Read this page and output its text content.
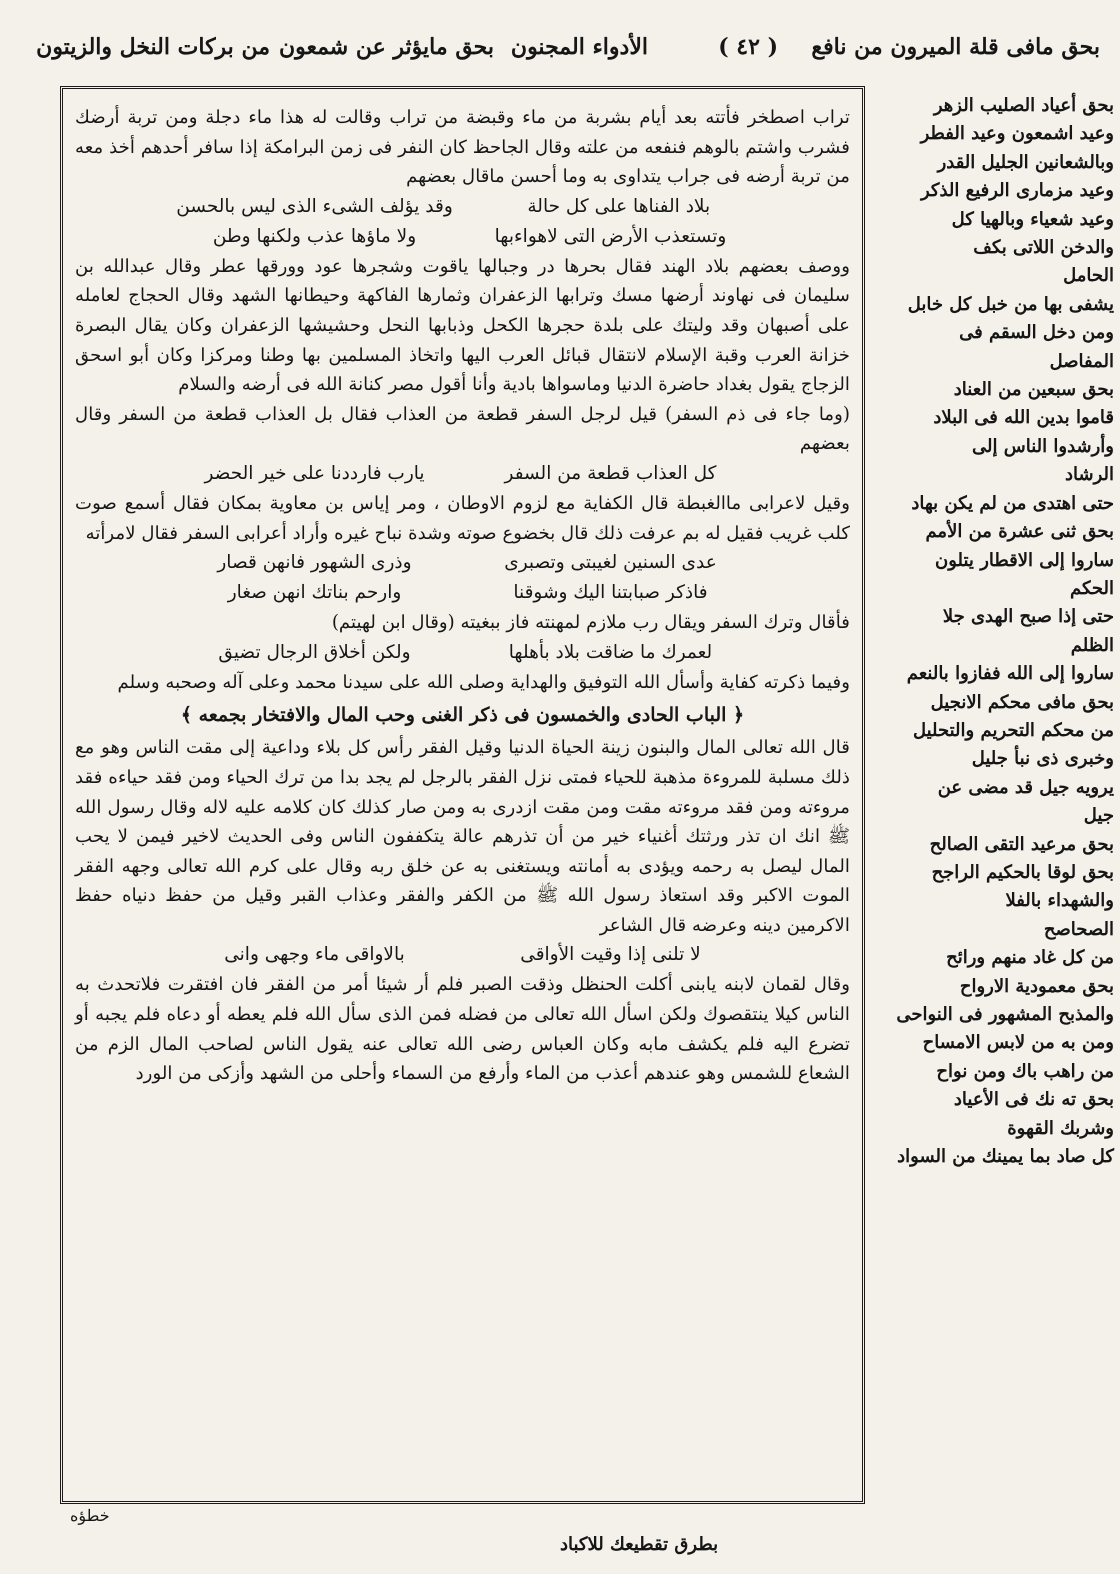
بحق مافى قلة الميرون من نافع
( ٤٢ )
الأدواء المجنون
بحق مايؤثر عن شمعون
من بركات النخل والزيتون

تراب اصطخر فأتته بعد أيام بشربة من ماء وقبضة من تراب وقالت له هذا ماء دجلة ومن تربة أرضك فشرب واشتم بالوهم فنفعه من علته وقال الجاحظ كان النفر فى زمن البرامكة إذا سافر أحدهم أخذ معه من تربة أرضه فى جراب يتداوى به وما أحسن ماقال بعضهم

بلاد الفناها على كل حالة
وقد يؤلف الشىء الذى ليس بالحسن
وتستعذب الأرض التى لاهواءبها
ولا ماؤها عذب ولكنها وطن

ووصف بعضهم بلاد الهند فقال بحرها در وجبالها ياقوت وشجرها عود وورقها عطر وقال عبدالله بن سليمان فى نهاوند أرضها مسك وترابها الزعفران وثمارها الفاكهة وحيطانها الشهد وقال الحجاج لعامله على أصبهان وقد وليتك على بلدة حجرها الكحل وذبابها النحل وحشيشها الزعفران وكان يقال البصرة خزانة العرب وقبة الإسلام لانتقال قبائل العرب اليها واتخاذ المسلمين بها وطنا ومركزا وكان أبو اسحق الزجاج يقول بغداد حاضرة الدنيا وماسواها بادية وأنا أقول مصر كنانة الله فى أرضه والسلام

(وما جاء فى ذم السفر) قيل لرجل السفر قطعة من العذاب فقال بل العذاب قطعة من السفر وقال بعضهم

كل العذاب قطعة من السفر
يارب فارددنا على خير الحضر

وقيل لاعرابى ماالغبطة قال الكفاية مع لزوم الاوطان ، ومر إياس بن معاوية بمكان فقال أسمع صوت كلب غريب فقيل له بم عرفت ذلك قال بخضوع صوته وشدة نباح غيره وأراد أعرابى السفر فقال لامرأته

عدى السنين لغيبتى وتصبرى
وذرى الشهور فانهن قصار
فاذكر صبابتنا اليك وشوقنا
وارحم بناتك انهن صغار

فأقال وترك السفر ويقال رب ملازم لمهنته فاز ببغيته (وقال ابن لهيتم)

لعمرك ما ضاقت بلاد بأهلها
ولكن أخلاق الرجال تضيق

وفيما ذكرته كفاية وأسأل الله التوفيق والهداية وصلى الله على سيدنا محمد وعلى آله وصحبه وسلم

﴿ الباب الحادى والخمسون فى ذكر الغنى وحب المال والافتخار بجمعه ﴾

قال الله تعالى المال والبنون زينة الحياة الدنيا وقيل الفقر رأس كل بلاء وداعية إلى مقت الناس وهو مع ذلك مسلبة للمروءة مذهبة للحياء فمتى نزل الفقر بالرجل لم يجد بدا من ترك الحياء ومن فقد حياءه فقد مروءته ومن فقد مروءته مقت ومن مقت ازدرى به ومن صار كذلك كان كلامه عليه لاله وقال رسول الله ﷺ انك ان تذر ورثتك أغنياء خير من أن تذرهم عالة يتكففون الناس وفى الحديث لاخير فيمن لا يحب المال ليصل به رحمه ويؤدى به أمانته ويستغنى به عن خلق ربه وقال على كرم الله تعالى وجهه الفقر الموت الاكبر وقد استعاذ رسول الله ﷺ من الكفر والفقر وعذاب القبر وقيل من حفظ دنياه حفظ الاكرمين دينه وعرضه قال الشاعر

لا تلنى إذا وقيت الأواقى
بالاواقى ماء وجهى وانى

وقال لقمان لابنه يابنى أكلت الحنظل وذقت الصبر فلم أر شيئا أمر من الفقر فان افتقرت فلاتحدث به الناس كيلا ينتقصوك ولكن اسأل الله تعالى من فضله فمن الذى سأل الله فلم يعطه أو دعاه فلم يجبه أو تضرع اليه فلم يكشف مابه وكان العباس رضى الله تعالى عنه يقول الناس لصاحب المال الزم من الشعاع للشمس وهو عندهم أعذب من الماء وأرفع من السماء وأحلى من الشهد وأزكى من الورد

بحق أعياد الصليب الزهر

وعيد اشمعون وعيد الفطر

وبالشعانين الجليل القدر

وعيد مزمارى الرفيع الذكر

وعيد شعياء وبالهيا كل

والدخن اللاتى بكف

الحامل

يشفى بها من خبل كل خابل

ومن دخل السقم فى

المفاصل

بحق سبعين من العناد

قاموا بدين الله فى البلاد

وأرشدوا الناس إلى

الرشاد

حتى اهتدى من لم يكن بهاد

بحق ثنى عشرة من الأمم

ساروا إلى الاقطار يتلون

الحكم

حتى إذا صبح الهدى جلا

الظلم

ساروا إلى الله ففازوا بالنعم

بحق مافى محكم الانجيل

من محكم التحريم والتحليل

وخبرى ذى نبأ جليل

يرويه جيل قد مضى عن

جيل

بحق مرعيد التقى الصالح

بحق لوقا بالحكيم الراجح

والشهداء بالفلا

الصحاصح

من كل غاد منهم ورائح

بحق معمودية الارواح

والمذبح المشهور فى النواحى

ومن به من لابس الامساح

من راهب باك ومن نواح

بحق ته نك فى الأعياد

وشربك القهوة

كل صاد بما يمينك من السواد

خطؤه
بطرق تقطيعك للاكباد
